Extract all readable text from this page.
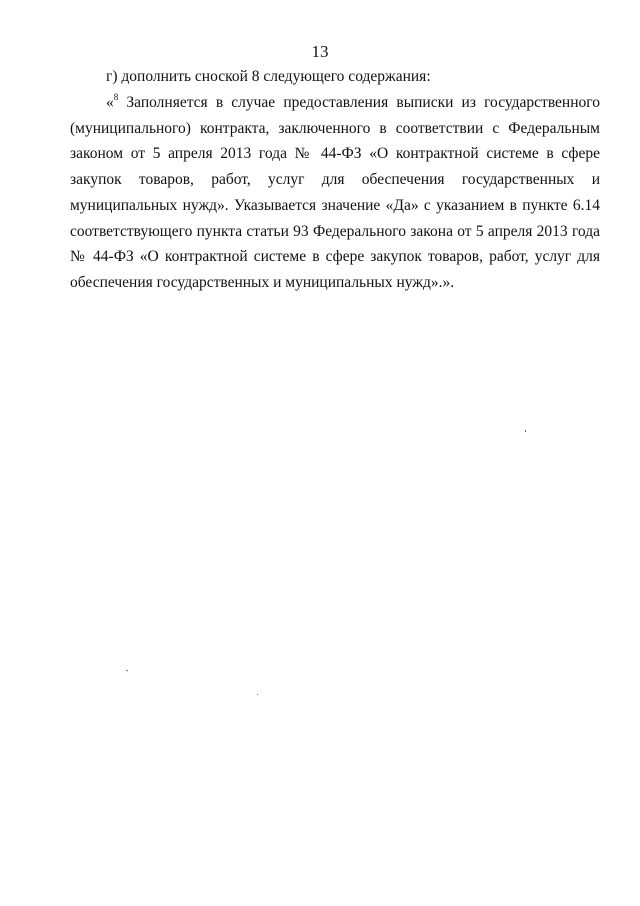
13
г) дополнить сноской 8 следующего содержания:
«$^8$ Заполняется в случае предоставления выписки из государственного (муниципального) контракта, заключенного в соответствии с Федеральным законом от 5 апреля 2013 года № 44-ФЗ «О контрактной системе в сфере закупок товаров, работ, услуг для обеспечения государственных и муниципальных нужд». Указывается значение «Да» с указанием в пункте 6.14 соответствующего пункта статьи 93 Федерального закона от 5 апреля 2013 года № 44-ФЗ «О контрактной системе в сфере закупок товаров, работ, услуг для обеспечения государственных и муниципальных нужд».».
